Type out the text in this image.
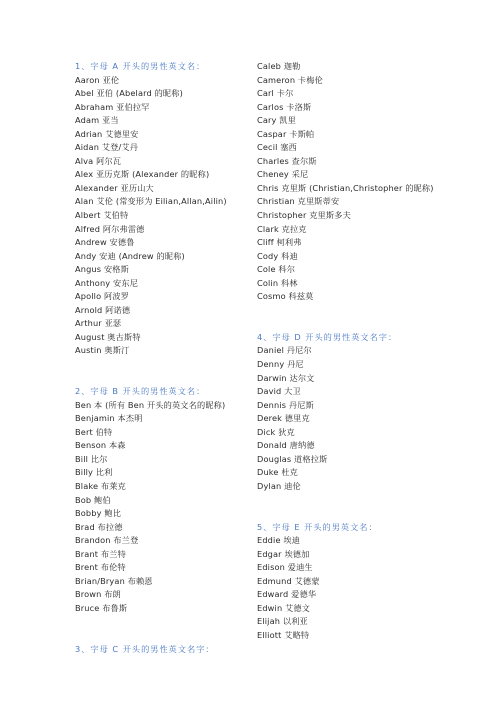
1、字母 A 开头的男性英文名：
Aaron 亚伦
Abel 亚伯 (Abelard 的昵称)
Abraham 亚伯拉罕
Adam 亚当
Adrian 艾德里安
Aidan 艾登/艾丹
Alva 阿尔瓦
Alex 亚历克斯 (Alexander 的昵称)
Alexander 亚历山大
Alan 艾伦 (常变形为 Eilian,Allan,Ailin)
Albert 艾伯特
Alfred 阿尔弗雷德
Andrew 安德鲁
Andy 安迪 (Andrew 的昵称)
Angus 安格斯
Anthony 安东尼
Apollo 阿波罗
Arnold 阿诺德
Arthur 亚瑟
August 奥古斯特
Austin 奥斯汀
2、字母 B 开头的男性英文名：
Ben 本 (所有 Ben 开头的英文名的昵称)
Benjamin 本杰明
Bert 伯特
Benson 本森
Bill 比尔
Billy 比利
Blake 布莱克
Bob 鲍伯
Bobby 鲍比
Brad 布拉德
Brandon 布兰登
Brant 布兰特
Brent 布伦特
Brian/Bryan 布赖恩
Brown 布朗
Bruce 布鲁斯
3、字母 C 开头的男性英文名字：
Caleb 迦勒
Cameron 卡梅伦
Carl 卡尔
Carlos 卡洛斯
Cary 凯里
Caspar 卡斯帕
Cecil 塞西
Charles 查尔斯
Cheney 采尼
Chris 克里斯 (Christian,Christopher 的昵称)
Christian 克里斯蒂安
Christopher 克里斯多夫
Clark 克拉克
Cliff 柯利弗
Cody 科迪
Cole 科尔
Colin 科林
Cosmo 科兹莫
4、字母 D 开头的男性英文名字：
Daniel 丹尼尔
Denny 丹尼
Darwin 达尔文
David 大卫
Dennis 丹尼斯
Derek 德里克
Dick 狄克
Donald 唐纳德
Douglas 道格拉斯
Duke 杜克
Dylan 迪伦
5、字母 E 开头的男英文名：
Eddie 埃迪
Edgar 埃德加
Edison 爱迪生
Edmund 艾德蒙
Edward 爱德华
Edwin 艾德文
Elijah 以利亚
Elliott 艾略特
